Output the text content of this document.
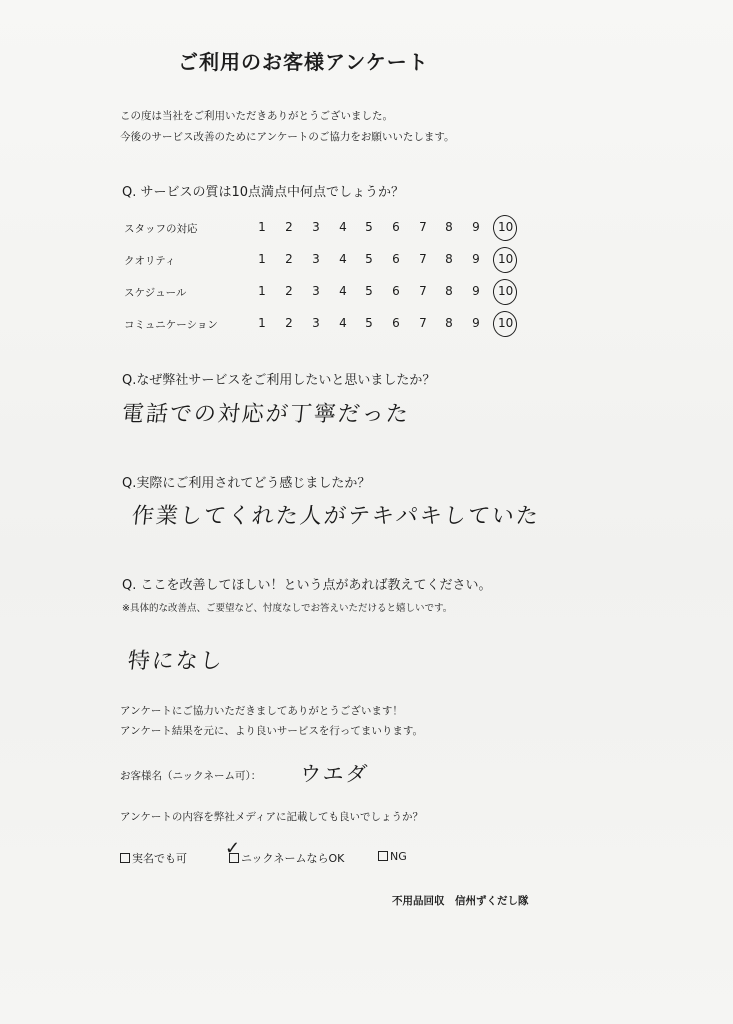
ご利用のお客様アンケート
この度は当社をご利用いただきありがとうございました。
今後のサービス改善のためにアンケートのご協力をお願いいたします。
Q. サービスの質は10点満点中何点でしょうか？
スタッフの対応	1 2 3 4 5 6 7 8 9 10
クオリティ	1 2 3 4 5 6 7 8 9 10
スケジュール	1 2 3 4 5 6 7 8 9 10
コミュニケーション	1 2 3 4 5 6 7 8 9 10
Q.なぜ弊社サービスをご利用したいと思いましたか？
電話での対応が丁寧だった
Q.実際にご利用されてどう感じましたか？
作業してくれた人がテキパキしていた
Q. ここを改善してほしい！という点があれば教えてください。
※具体的な改善点、ご要望など、忖度なしでお答えいただけると嬉しいです。
特になし
アンケートにご協力いただきましてありがとうございます！
アンケート結果を元に、より良いサービスを行ってまいります。
お客様名（ニックネーム可）： ウエダ
アンケートの内容を弊社メディアに記載しても良いでしょうか？
実名でも可	ニックネームならOK
✓	NG
不用品回収　信州ずくだし隊
